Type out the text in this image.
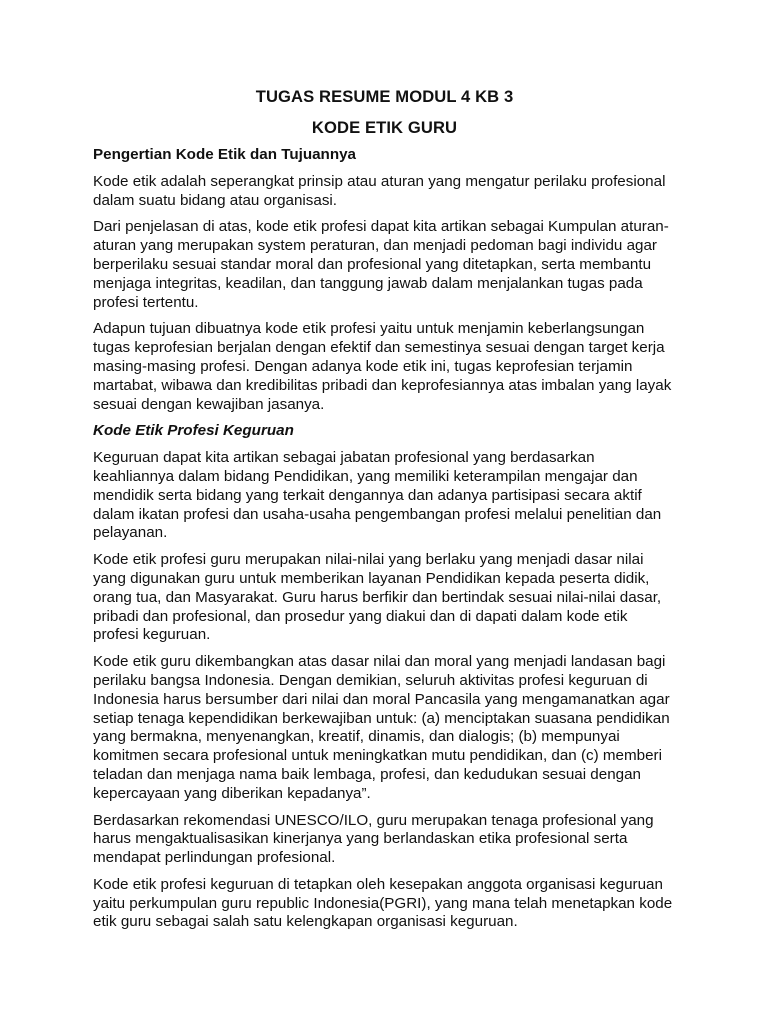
TUGAS RESUME MODUL 4 KB 3
KODE ETIK GURU
Pengertian Kode Etik dan Tujuannya

Kode etik adalah seperangkat prinsip atau aturan yang mengatur perilaku profesional dalam suatu bidang atau organisasi.

Dari penjelasan di atas, kode etik profesi dapat kita artikan sebagai Kumpulan aturan-aturan yang merupakan system peraturan, dan menjadi pedoman bagi individu agar berperilaku sesuai standar moral dan profesional yang ditetapkan, serta membantu menjaga integritas, keadilan, dan tanggung jawab dalam menjalankan tugas pada profesi tertentu.

Adapun tujuan dibuatnya kode etik profesi yaitu untuk menjamin keberlangsungan tugas keprofesian berjalan dengan efektif dan semestinya sesuai dengan target kerja masing-masing profesi. Dengan adanya kode etik ini, tugas keprofesian terjamin martabat, wibawa dan kredibilitas pribadi dan keprofesiannya atas imbalan yang layak sesuai dengan kewajiban jasanya.

Kode Etik Profesi Keguruan

Keguruan dapat kita artikan sebagai jabatan profesional yang berdasarkan keahliannya dalam bidang Pendidikan, yang memiliki keterampilan mengajar dan mendidik serta bidang yang terkait dengannya dan adanya partisipasi secara aktif dalam ikatan profesi dan usaha-usaha pengembangan profesi melalui penelitian dan pelayanan.

Kode etik profesi guru merupakan nilai-nilai yang berlaku yang menjadi dasar nilai yang digunakan guru untuk memberikan layanan Pendidikan kepada peserta didik, orang tua, dan Masyarakat. Guru harus berfikir dan bertindak sesuai nilai-nilai dasar, pribadi dan profesional, dan prosedur yang diakui dan di dapati dalam kode etik profesi keguruan.

Kode etik guru dikembangkan atas dasar nilai dan moral yang menjadi landasan bagi perilaku bangsa Indonesia. Dengan demikian, seluruh aktivitas profesi keguruan di Indonesia harus bersumber dari nilai dan moral Pancasila yang mengamanatkan agar setiap tenaga kependidikan berkewajiban untuk: (a) menciptakan suasana pendidikan yang bermakna, menyenangkan, kreatif, dinamis, dan dialogis; (b) mempunyai komitmen secara profesional untuk meningkatkan mutu pendidikan, dan (c) memberi teladan dan menjaga nama baik lembaga, profesi, dan kedudukan sesuai dengan kepercayaan yang diberikan kepadanya”.

Berdasarkan rekomendasi UNESCO/ILO, guru merupakan tenaga profesional yang harus mengaktualisasikan kinerjanya yang berlandaskan etika profesional serta mendapat perlindungan profesional.

Kode etik profesi keguruan di tetapkan oleh kesepakan anggota organisasi keguruan yaitu perkumpulan guru republic Indonesia(PGRI), yang mana telah menetapkan kode etik guru sebagai salah satu kelengkapan organisasi keguruan.
